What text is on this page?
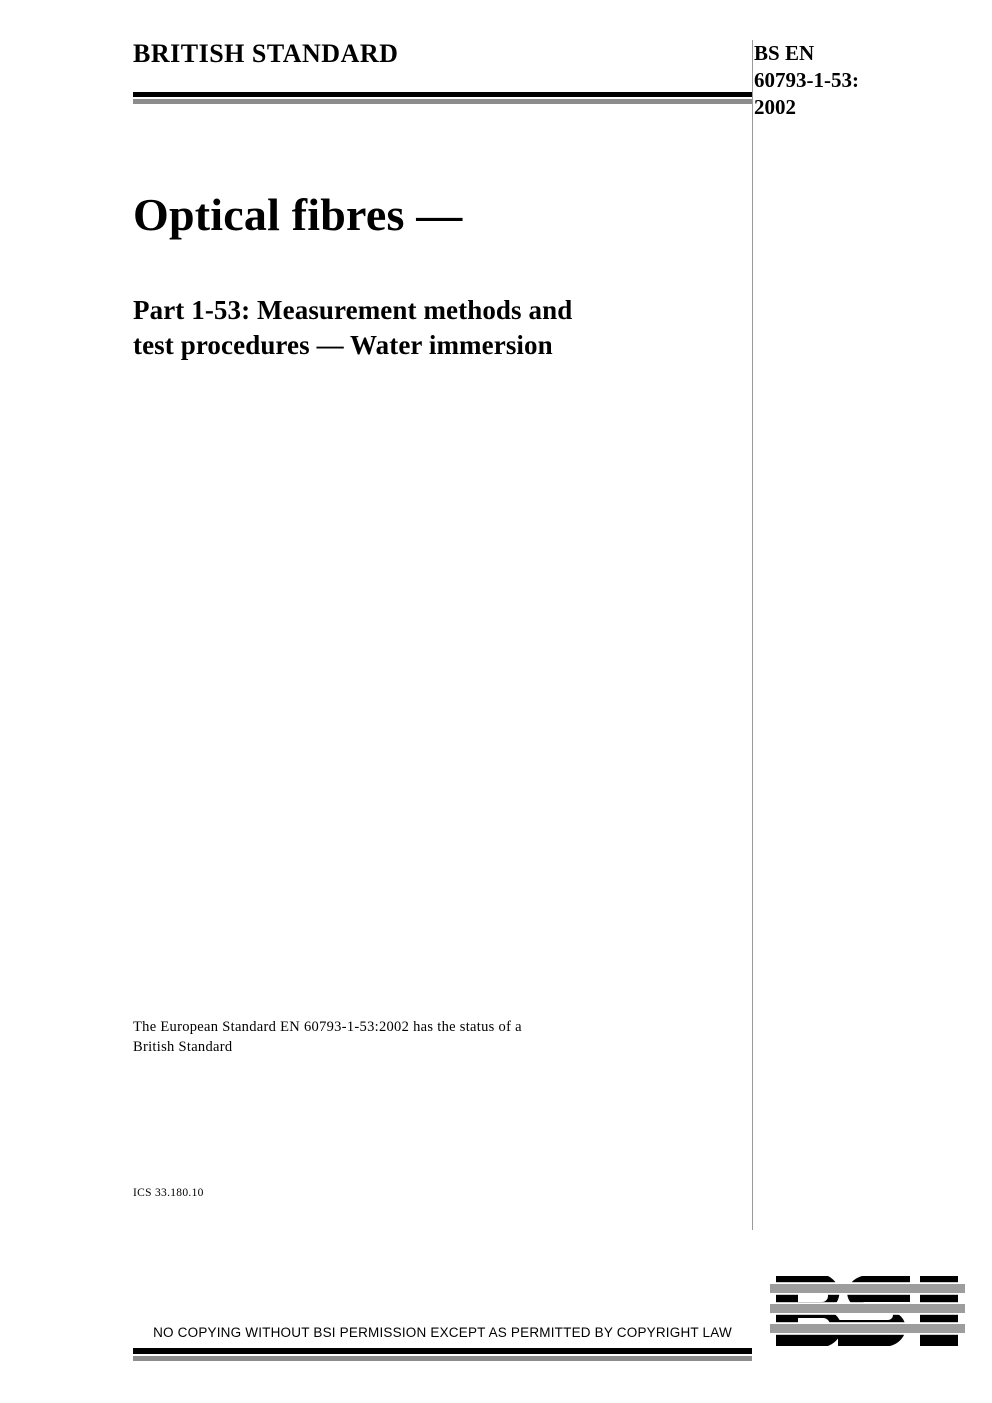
BRITISH STANDARD	BS EN
60793-1-53:
2002
Optical fibres —
Part 1-53: Measurement methods and
test procedures — Water immersion
The European Standard EN 60793-1-53:2002 has the status of a
British Standard
ICS 33.180.10
NO COPYING WITHOUT BSI PERMISSION EXCEPT AS PERMITTED BY COPYRIGHT LAW
